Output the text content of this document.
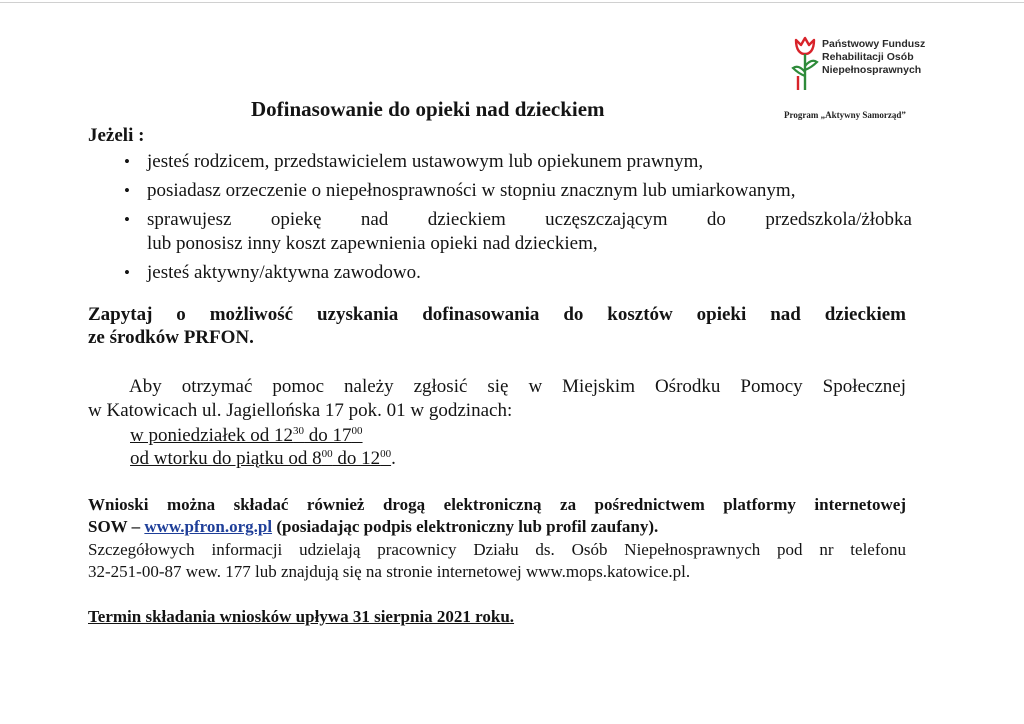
Państwowy Fundusz
Rehabilitacji Osób
Niepełnosprawnych
Program „Aktywny Samorząd”
Dofinasowanie do opieki nad dzieckiem
Jeżeli :
• jesteś rodzicem, przedstawicielem ustawowym lub opiekunem prawnym,
• posiadasz orzeczenie o niepełnosprawności w stopniu znacznym lub umiarkowanym,
• sprawujesz opiekę nad dzieckiem uczęszczającym do przedszkola/żłobka
lub ponosisz inny koszt zapewnienia opieki nad dzieckiem,
• jesteś aktywny/aktywna zawodowo.
Zapytaj o możliwość uzyskania dofinasowania do kosztów opieki nad dzieckiem
ze środków PRFON.
Aby otrzymać pomoc należy zgłosić się w Miejskim Ośrodku Pomocy Społecznej
w Katowicach ul. Jagiellońska 17 pok. 01 w godzinach:
w poniedziałek od $12^{30}$ do $17^{00}$
od wtorku do piątku od $8^{00}$ do $12^{00}$.
Wnioski można składać również drogą elektroniczną za pośrednictwem platformy internetowej
SOW – www.pfron.org.pl (posiadając podpis elektroniczny lub profil zaufany).
Szczegółowych informacji udzielają pracownicy Działu ds. Osób Niepełnosprawnych pod nr telefonu
32-251-00-87 wew. 177 lub znajdują się na stronie internetowej www.mops.katowice.pl.
Termin składania wniosków upływa 31 sierpnia 2021 roku.
